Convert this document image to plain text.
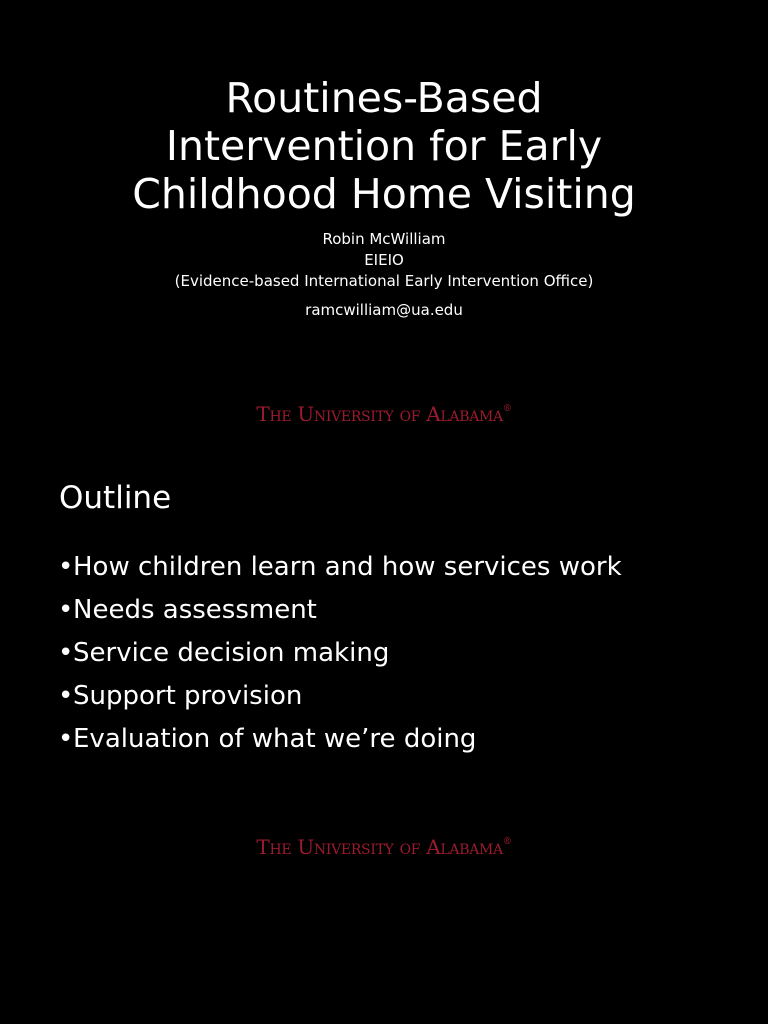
Routines-Based
Intervention for Early
Childhood Home Visiting
Robin McWilliam
EIEIO
(Evidence-based International Early Intervention Office)
ramcwilliam@ua.edu
The University of Alabama®
Outline
•How children learn and how services work
•Needs assessment
•Service decision making
•Support provision
•Evaluation of what we’re doing
The University of Alabama®
